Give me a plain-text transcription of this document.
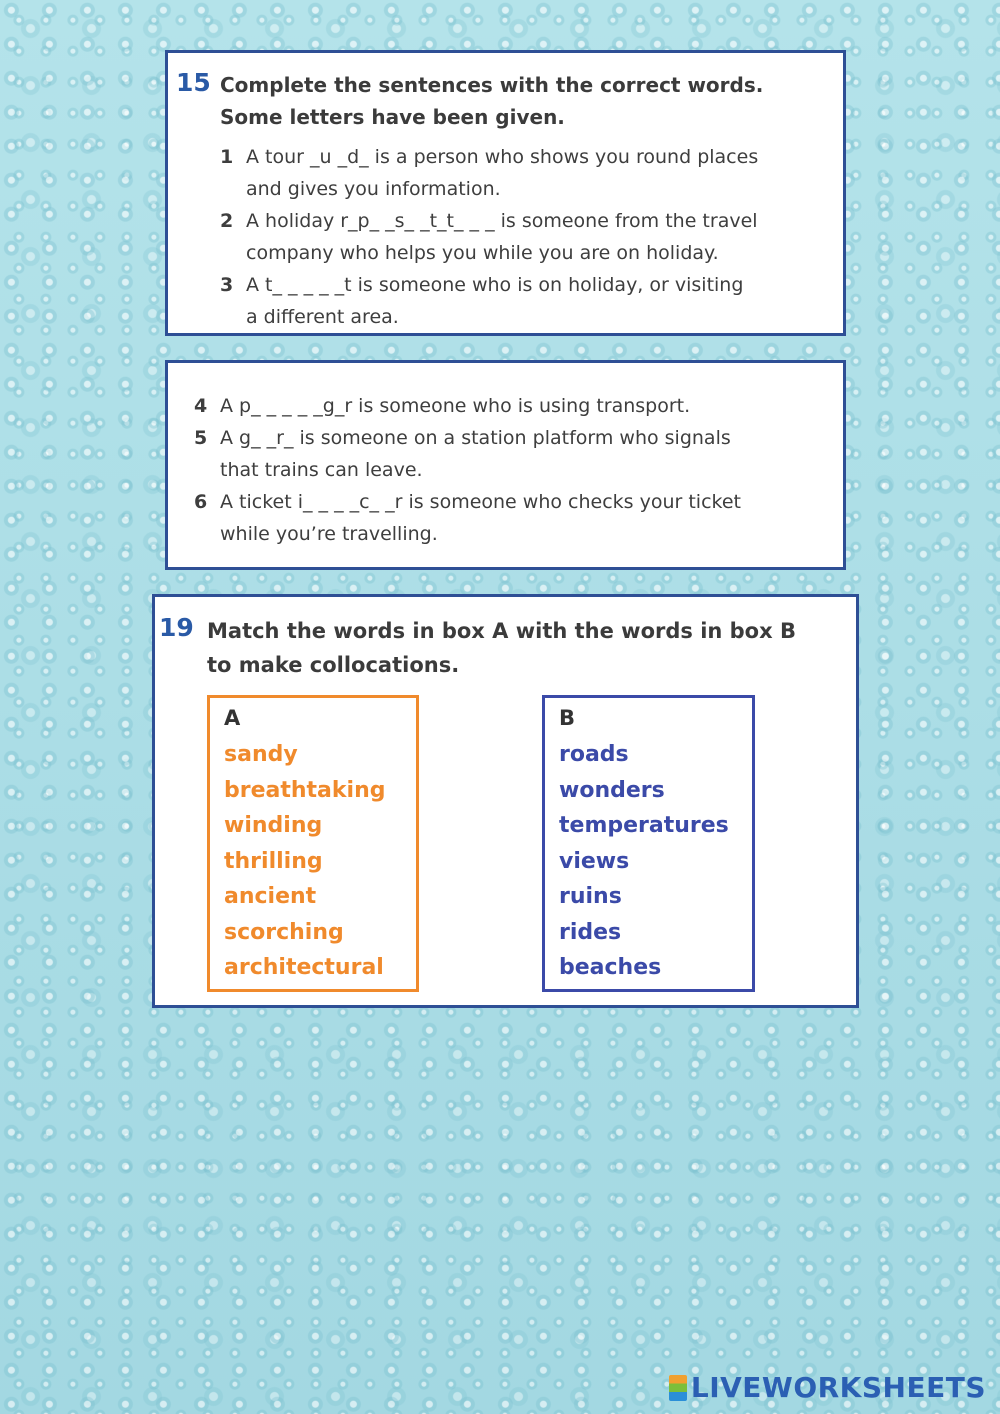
15 Complete the sentences with the correct words.
Some letters have been given.
1 A tour _u _d_ is a person who shows you round places
and gives you information.
2 A holiday r_p_ _s_ _t_t_ _ _ is someone from the travel
company who helps you while you are on holiday.
3 A t_ _ _ _ _t is someone who is on holiday, or visiting
a different area.
4 A p_ _ _ _ _g_r is someone who is using transport.
5 A g_ _r_ is someone on a station platform who signals
that trains can leave.
6 A ticket i_ _ _ _c_ _r is someone who checks your ticket
while you’re travelling.
19 Match the words in box A with the words in box B
to make collocations.
A
sandy
breathtaking
winding
thrilling
ancient
scorching
architectural
B
roads
wonders
temperatures
views
ruins
rides
beaches
LIVEWORKSHEETS
